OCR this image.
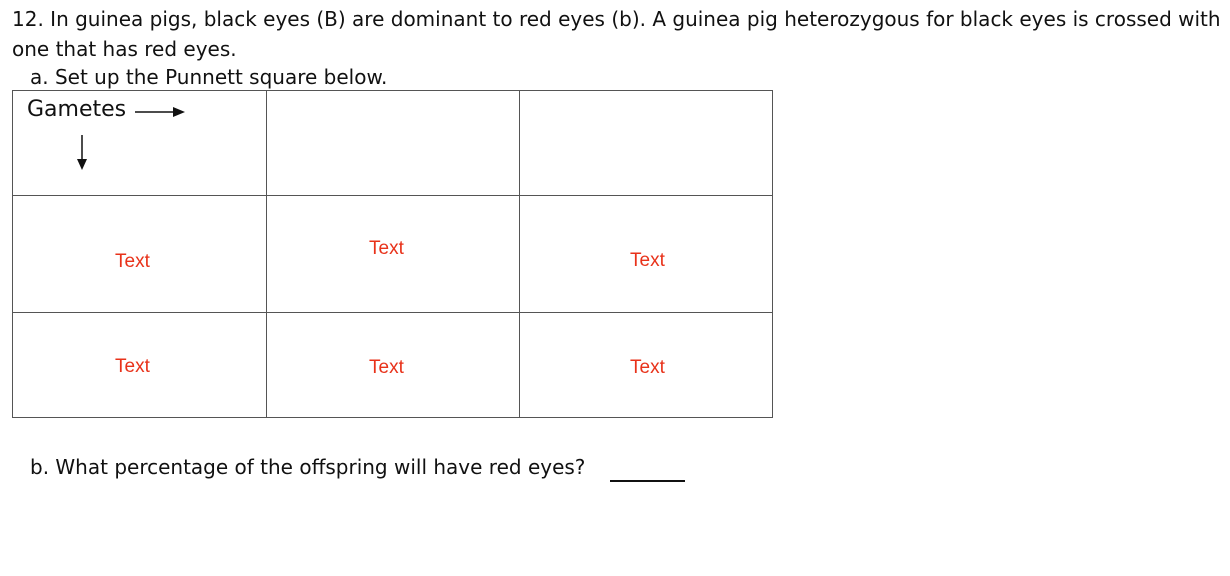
12. In guinea pigs, black eyes (B) are dominant to red eyes (b). A guinea pig heterozygous for black eyes is crossed with one that has red eyes.

a. Set up the Punnett square below.

Gametes
Text
Text
Text
Text	Text	Text

b. What percentage of the offspring will have red eyes?
